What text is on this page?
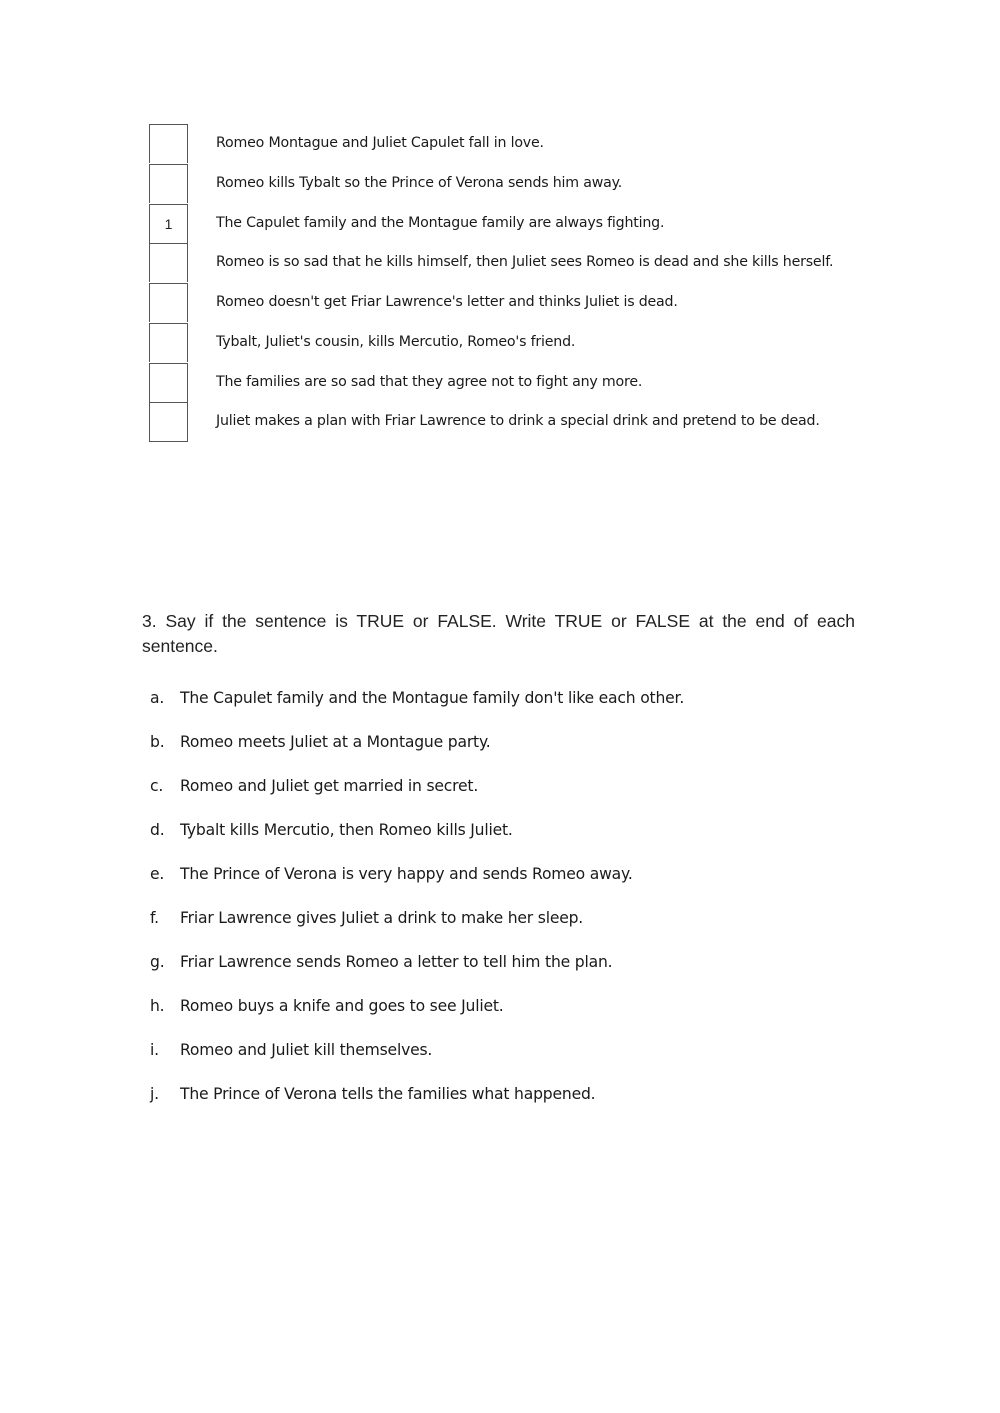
Romeo Montague and Juliet Capulet fall in love.
Romeo kills Tybalt so the Prince of Verona sends him away.
1	The Capulet family and the Montague family are always fighting.
Romeo is so sad that he kills himself, then Juliet sees Romeo is dead and she kills herself.
Romeo doesn't get Friar Lawrence's letter and thinks Juliet is dead.
Tybalt, Juliet's cousin, kills Mercutio, Romeo's friend.
The families are so sad that they agree not to fight any more.
Juliet makes a plan with Friar Lawrence to drink a special drink and pretend to be dead.
3. Say if the sentence is TRUE or FALSE. Write TRUE or FALSE at the end of each sentence.
a. The Capulet family and the Montague family don't like each other.
b. Romeo meets Juliet at a Montague party.
c. Romeo and Juliet get married in secret.
d. Tybalt kills Mercutio, then Romeo kills Juliet.
e. The Prince of Verona is very happy and sends Romeo away.
f. Friar Lawrence gives Juliet a drink to make her sleep.
g. Friar Lawrence sends Romeo a letter to tell him the plan.
h. Romeo buys a knife and goes to see Juliet.
i. Romeo and Juliet kill themselves.
j. The Prince of Verona tells the families what happened.
